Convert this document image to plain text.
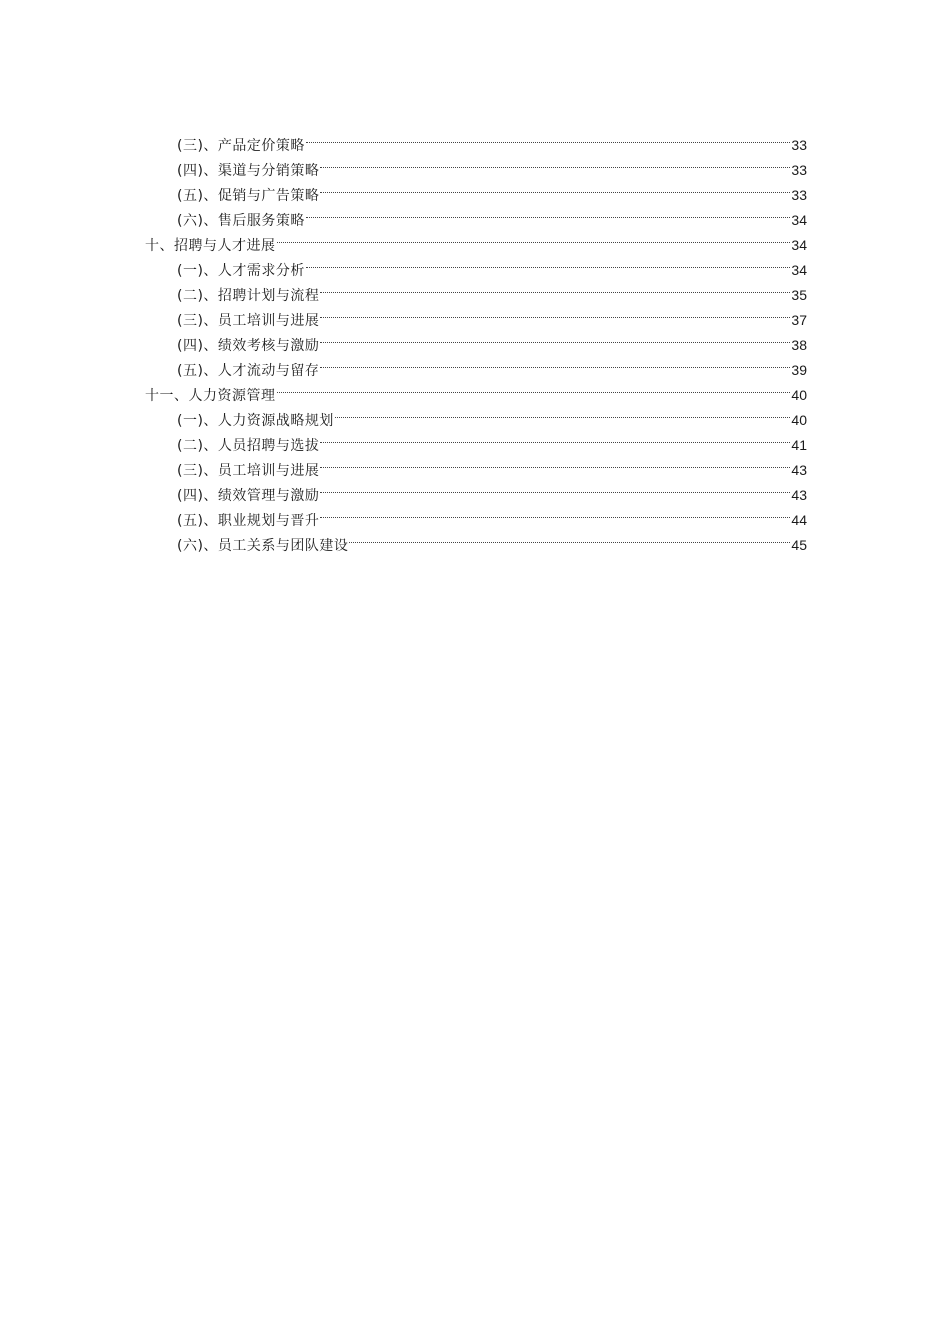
(三)、产品定价策略	33
(四)、渠道与分销策略	33
(五)、促销与广告策略	33
(六)、售后服务策略	34
十、招聘与人才进展	34
(一)、人才需求分析	34
(二)、招聘计划与流程	35
(三)、员工培训与进展	37
(四)、绩效考核与激励	38
(五)、人才流动与留存	39
十一、人力资源管理	40
(一)、人力资源战略规划	40
(二)、人员招聘与选拔	41
(三)、员工培训与进展	43
(四)、绩效管理与激励	43
(五)、职业规划与晋升	44
(六)、员工关系与团队建设	45
